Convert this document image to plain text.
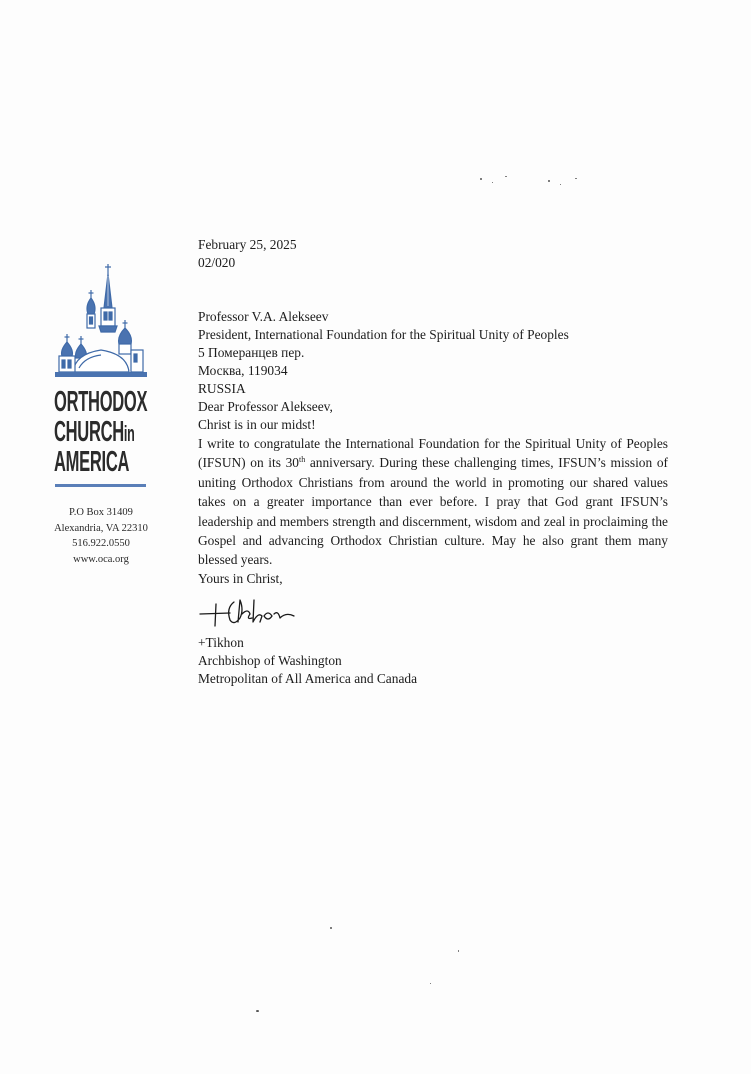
ORTHODOX
CHURCHin
AMERICA
P.O Box 31409
Alexandria, VA 22310
516.922.0550
www.oca.org

February 25, 2025

02/020

Professor V.A. Alekseev

President, International Foundation for the Spiritual Unity of Peoples

5 Померанцев пер.

Москва, 119034

RUSSIA

Dear Professor Alekseev,

Christ is in our midst!

I write to congratulate the International Foundation for the Spiritual Unity of Peoples (IFSUN) on its 30th anniversary. During these challenging times, IFSUN’s mission of uniting Orthodox Christians from around the world in promoting our shared values takes on a greater importance than ever before. I pray that God grant IFSUN’s leadership and members strength and discernment, wisdom and zeal in proclaiming the Gospel and advancing Orthodox Christian culture. May he also grant them many blessed years.

Yours in Christ,

+Tikhon

Archbishop of Washington

Metropolitan of All America and Canada
